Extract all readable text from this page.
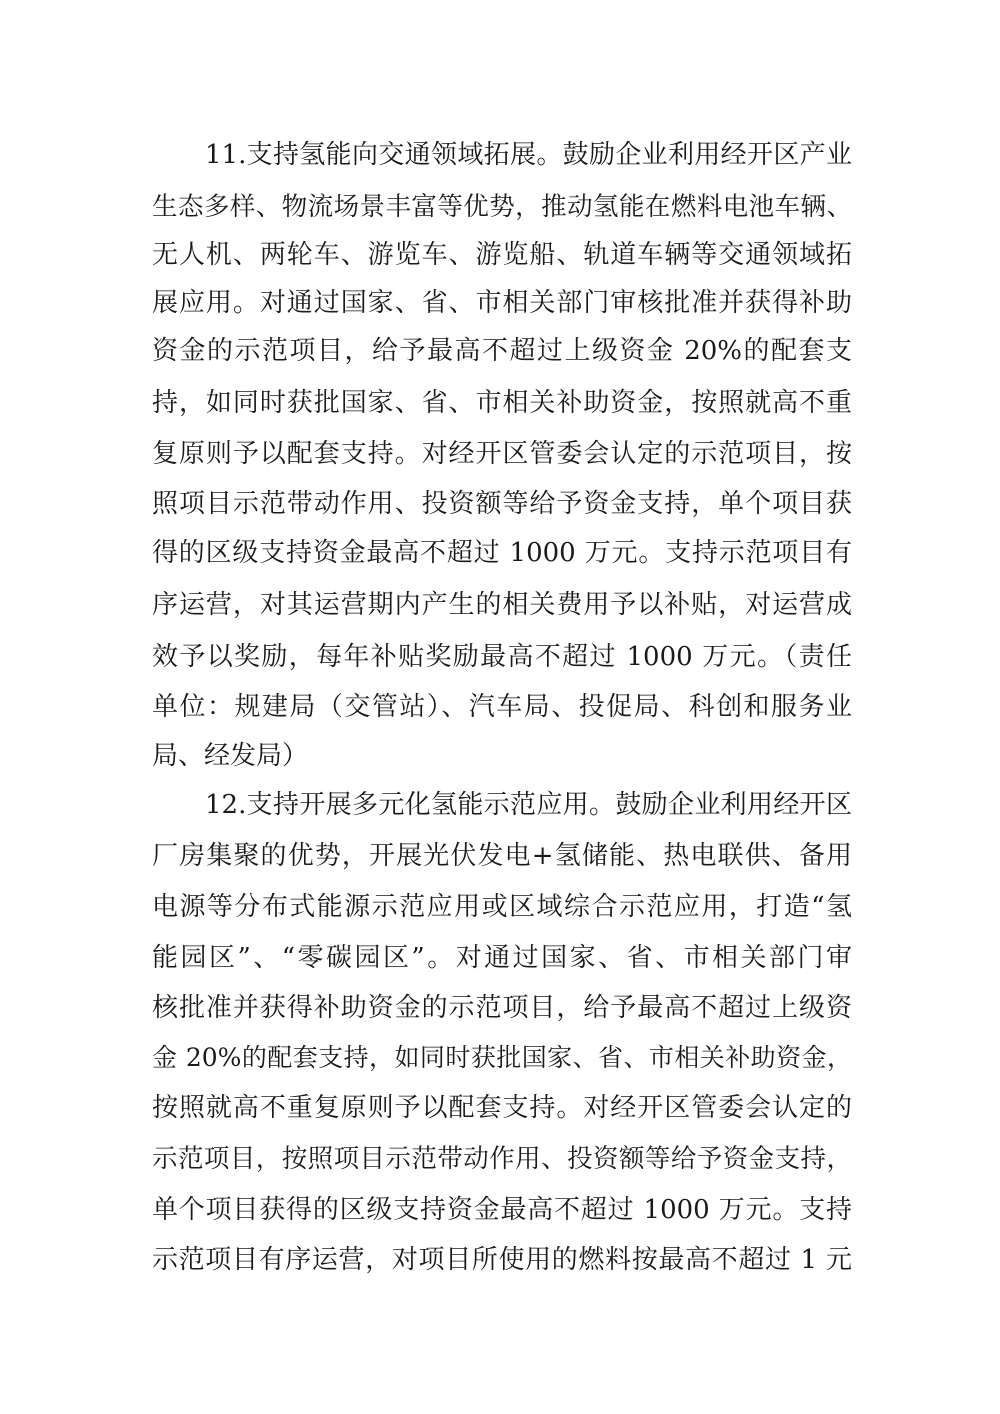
11.支持氢能向交通领域拓展。鼓励企业利用经开区产业
生态多样、物流场景丰富等优势，推动氢能在燃料电池车辆、
无人机、两轮车、游览车、游览船、轨道车辆等交通领域拓
展应用。对通过国家、省、市相关部门审核批准并获得补助
资金的示范项目，给予最高不超过上级资金 20%的配套支
持，如同时获批国家、省、市相关补助资金，按照就高不重
复原则予以配套支持。对经开区管委会认定的示范项目，按
照项目示范带动作用、投资额等给予资金支持，单个项目获
得的区级支持资金最高不超过 1000 万元。支持示范项目有
序运营，对其运营期内产生的相关费用予以补贴，对运营成
效予以奖励，每年补贴奖励最高不超过 1000 万元。（责任
单位：规建局（交管站）、汽车局、投促局、科创和服务业
局、经发局）
12.支持开展多元化氢能示范应用。鼓励企业利用经开区
厂房集聚的优势，开展光伏发电+氢储能、热电联供、备用
电源等分布式能源示范应用或区域综合示范应用，打造“氢
能园区”、“零碳园区”。对通过国家、省、市相关部门审
核批准并获得补助资金的示范项目，给予最高不超过上级资
金 20%的配套支持，如同时获批国家、省、市相关补助资金，
按照就高不重复原则予以配套支持。对经开区管委会认定的
示范项目，按照项目示范带动作用、投资额等给予资金支持，
单个项目获得的区级支持资金最高不超过 1000 万元。支持
示范项目有序运营，对项目所使用的燃料按最高不超过 1 元
